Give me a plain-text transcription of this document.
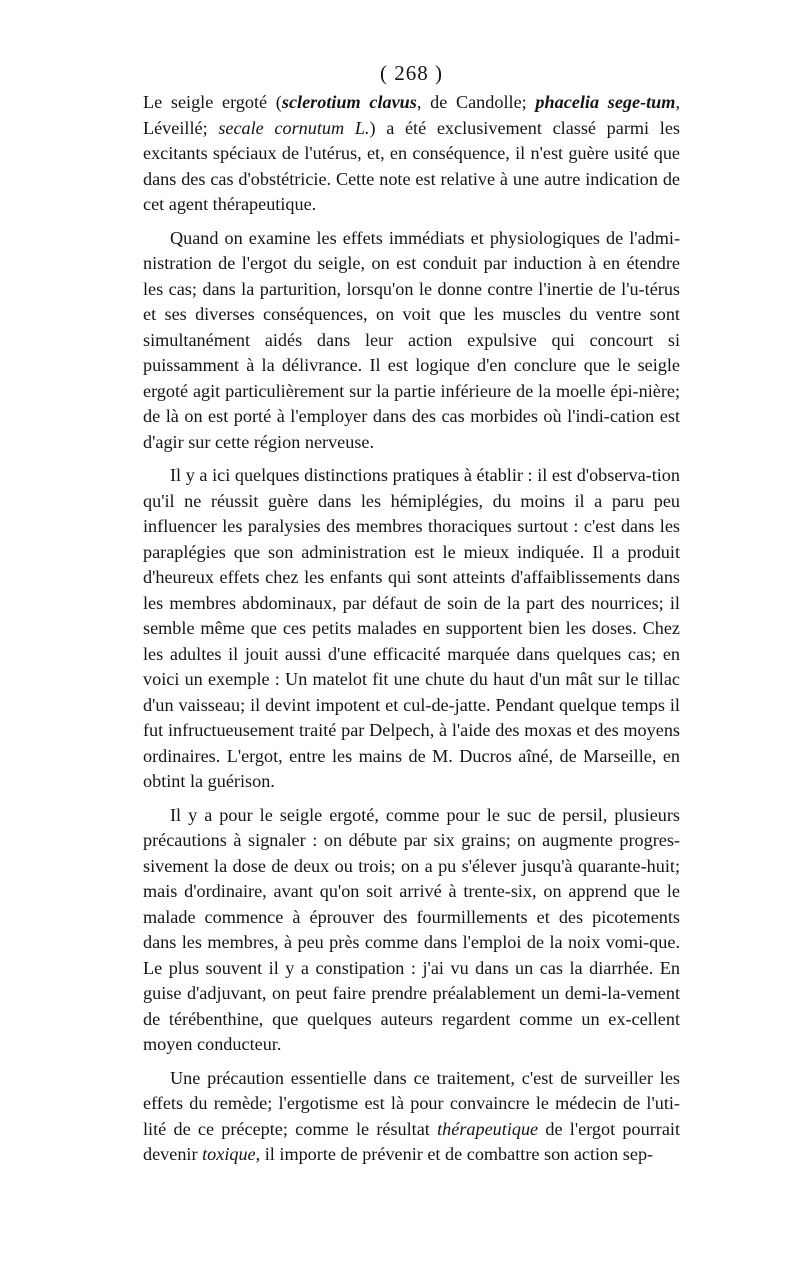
( 268 )

Le seigle ergoté (sclerotium clavus, de Candolle; phacelia sege-tum, Léveillé; secale cornutum L.) a été exclusivement classé parmi les excitants spéciaux de l'utérus, et, en conséquence, il n'est guère usité que dans des cas d'obstétricie. Cette note est relative à une autre indication de cet agent thérapeutique.

Quand on examine les effets immédiats et physiologiques de l'admi-nistration de l'ergot du seigle, on est conduit par induction à en étendre les cas; dans la parturition, lorsqu'on le donne contre l'inertie de l'u-térus et ses diverses conséquences, on voit que les muscles du ventre sont simultanément aidés dans leur action expulsive qui concourt si puissamment à la délivrance. Il est logique d'en conclure que le seigle ergoté agit particulièrement sur la partie inférieure de la moelle épi-nière; de là on est porté à l'employer dans des cas morbides où l'indi-cation est d'agir sur cette région nerveuse.

Il y a ici quelques distinctions pratiques à établir : il est d'observa-tion qu'il ne réussit guère dans les hémiplégies, du moins il a paru peu influencer les paralysies des membres thoraciques surtout : c'est dans les paraplégies que son administration est le mieux indiquée. Il a produit d'heureux effets chez les enfants qui sont atteints d'affaiblissements dans les membres abdominaux, par défaut de soin de la part des nourrices; il semble même que ces petits malades en supportent bien les doses. Chez les adultes il jouit aussi d'une efficacité marquée dans quelques cas; en voici un exemple : Un matelot fit une chute du haut d'un mât sur le tillac d'un vaisseau; il devint impotent et cul-de-jatte. Pendant quelque temps il fut infructueusement traité par Delpech, à l'aide des moxas et des moyens ordinaires. L'ergot, entre les mains de M. Ducros aîné, de Marseille, en obtint la guérison.

Il y a pour le seigle ergoté, comme pour le suc de persil, plusieurs précautions à signaler : on débute par six grains; on augmente progres-sivement la dose de deux ou trois; on a pu s'élever jusqu'à quarante-huit; mais d'ordinaire, avant qu'on soit arrivé à trente-six, on apprend que le malade commence à éprouver des fourmillements et des picotements dans les membres, à peu près comme dans l'emploi de la noix vomi-que. Le plus souvent il y a constipation : j'ai vu dans un cas la diarrhée. En guise d'adjuvant, on peut faire prendre préalablement un demi-la-vement de térébenthine, que quelques auteurs regardent comme un ex-cellent moyen conducteur.

Une précaution essentielle dans ce traitement, c'est de surveiller les effets du remède; l'ergotisme est là pour convaincre le médecin de l'uti-lité de ce précepte; comme le résultat thérapeutique de l'ergot pourrait devenir toxique, il importe de prévenir et de combattre son action sep-
